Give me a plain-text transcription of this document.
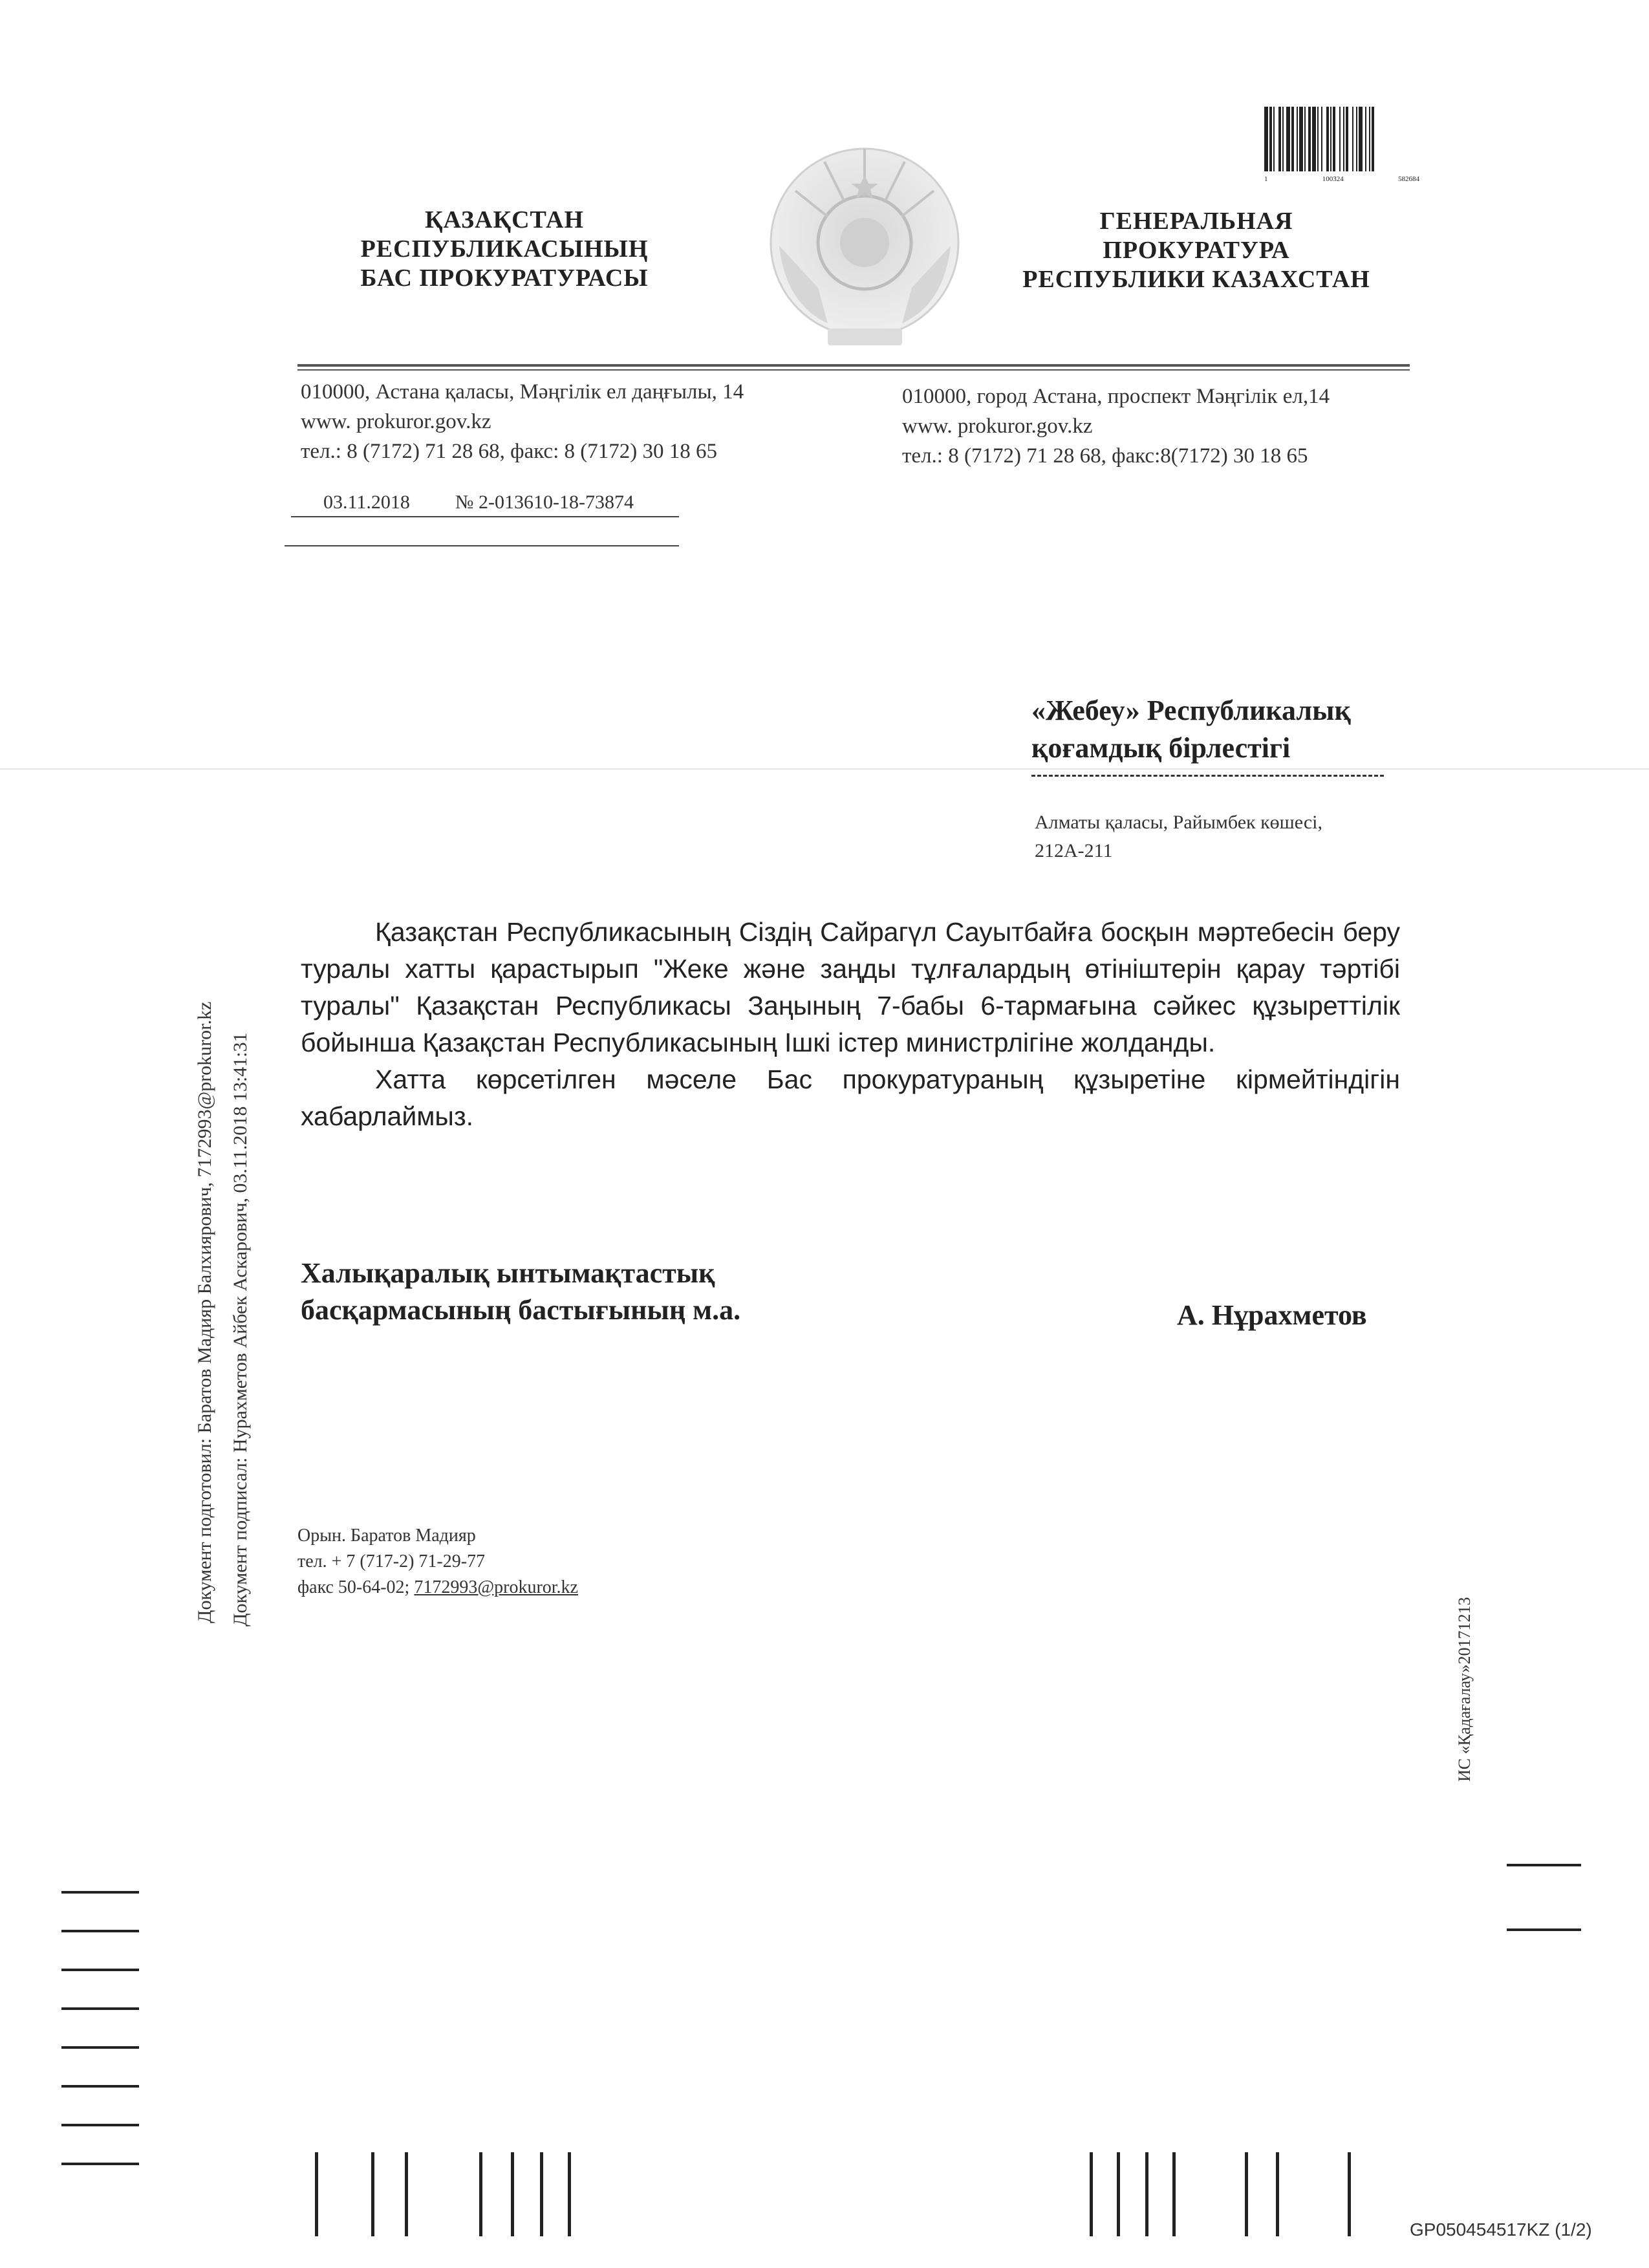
1	100324	582684
ҚАЗАҚСТАН
РЕСПУБЛИКАСЫНЫҢ
БАС ПРОКУРАТУРАСЫ
ГЕНЕРАЛЬНАЯ
ПРОКУРАТУРА
РЕСПУБЛИКИ КАЗАХСТАН
010000, Астана қаласы, Мәңгілік ел даңғылы, 14
www. prokuror.gov.kz
тел.: 8 (7172) 71 28 68, факс: 8 (7172) 30 18 65
010000, город Астана, проспект Мәңгілік ел,14
www. prokuror.gov.kz
тел.: 8 (7172) 71 28 68, факс:8(7172) 30 18 65
03.11.2018 № 2-013610-18-73874
«Жебеу» Республикалық
қоғамдық бірлестігі
Алматы қаласы, Райымбек көшесі,
212А-211

Қазақстан Республикасының Сіздің Сайрагүл Сауытбайға босқын мәртебесін беру туралы хатты қарастырып "Жеке және заңды тұлғалардың өтініштерін қарау тәртібі туралы" Қазақстан Республикасы Заңының 7-бабы 6-тармағына сәйкес құзыреттілік бойынша Қазақстан Республикасының Ішкі істер министрлігіне жолданды.

Хатта көрсетілген мәселе Бас прокуратураның құзыретіне кірмейтіндігін хабарлаймыз.

Халықаралық ынтымақтастық
басқармасының бастығының м.а.	А. Нұрахметов
Документ подготовил: Баратов Мадияр Балхиярович, 7172993@prokuror.kz Документ подписал: Нурахметов Айбек Аскарович, 03.11.2018 13:41:31
ИС «Қадағалау»20171213
Орын. Баратов Мадияр
тел. + 7 (717-2) 71-29-77
факс 50-64-02; 7172993@prokuror.kz
GP050454517KZ (1/2)
